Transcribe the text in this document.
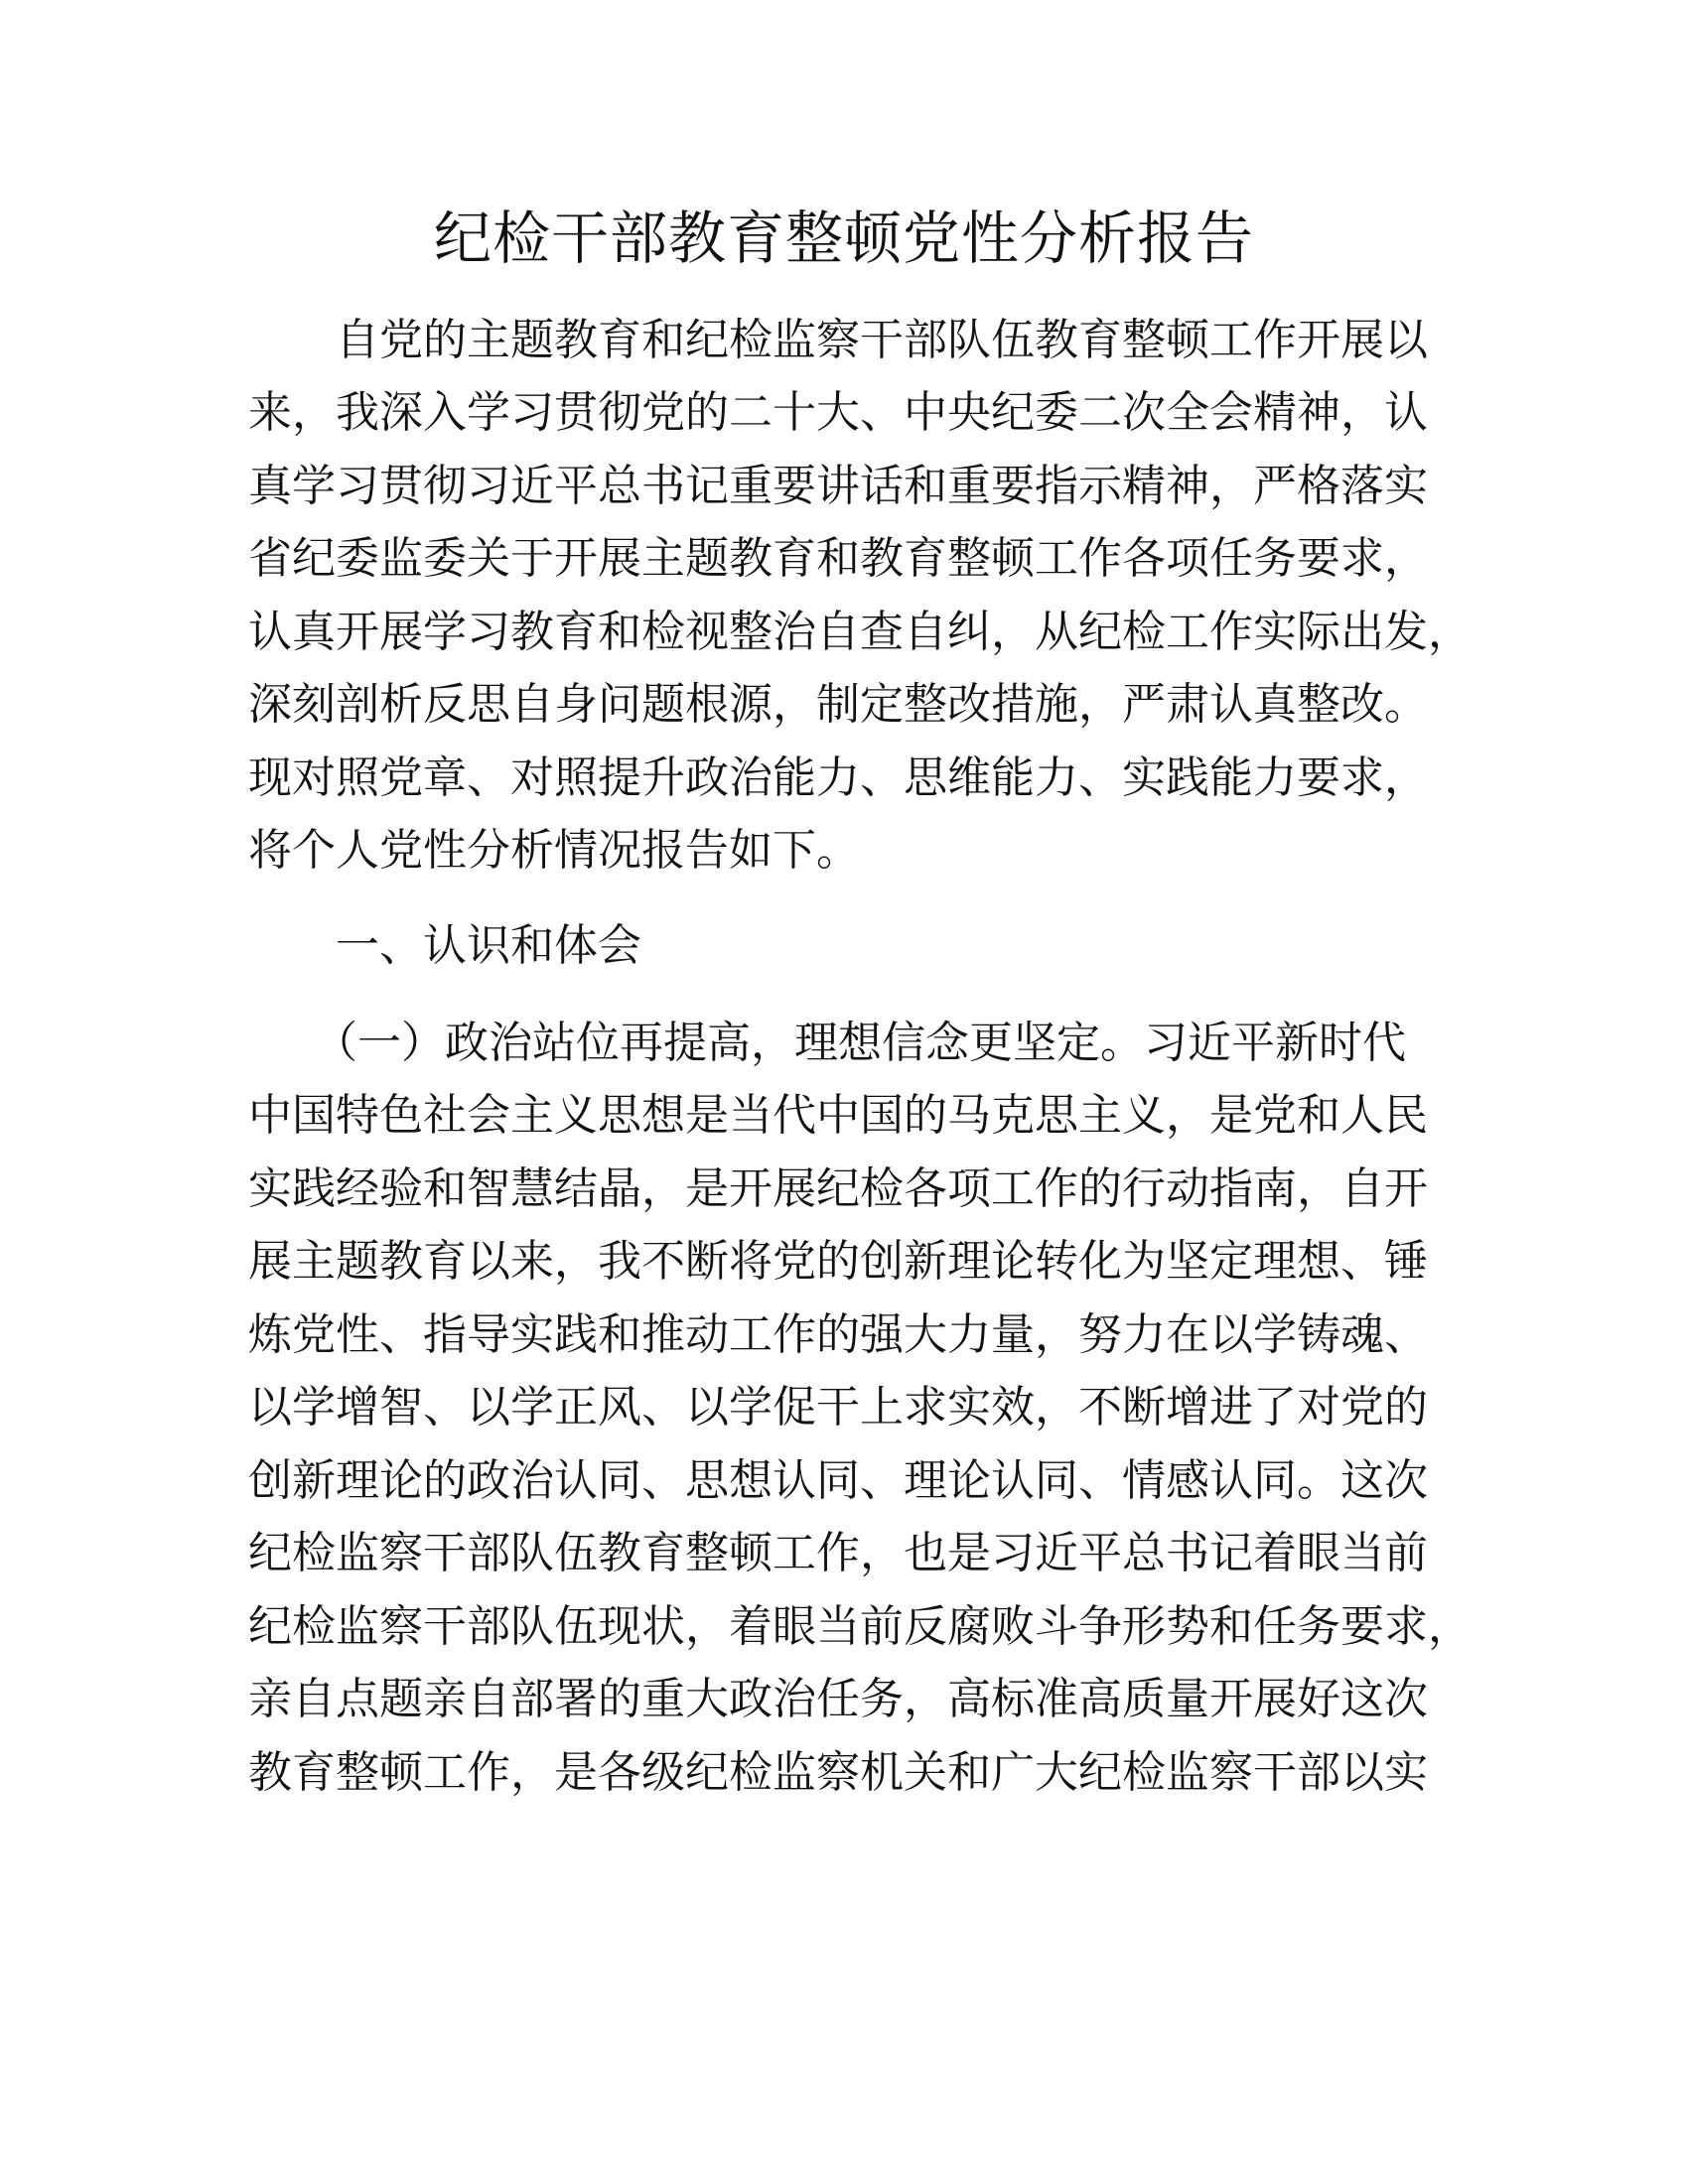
纪检干部教育整顿党性分析报告
　　自党的主题教育和纪检监察干部队伍教育整顿工作开展以
来，我深入学习贯彻党的二十大、中央纪委二次全会精神，认
真学习贯彻习近平总书记重要讲话和重要指示精神，严格落实
省纪委监委关于开展主题教育和教育整顿工作各项任务要求，
认真开展学习教育和检视整治自查自纠，从纪检工作实际出发，
深刻剖析反思自身问题根源，制定整改措施，严肃认真整改。
现对照党章、对照提升政治能力、思维能力、实践能力要求，
将个人党性分析情况报告如下。
　　一、认识和体会
　　（一）政治站位再提高，理想信念更坚定。习近平新时代
中国特色社会主义思想是当代中国的马克思主义，是党和人民
实践经验和智慧结晶，是开展纪检各项工作的行动指南，自开
展主题教育以来，我不断将党的创新理论转化为坚定理想、锤
炼党性、指导实践和推动工作的强大力量，努力在以学铸魂、
以学增智、以学正风、以学促干上求实效，不断增进了对党的
创新理论的政治认同、思想认同、理论认同、情感认同。这次
纪检监察干部队伍教育整顿工作，也是习近平总书记着眼当前
纪检监察干部队伍现状，着眼当前反腐败斗争形势和任务要求，
亲自点题亲自部署的重大政治任务，高标准高质量开展好这次
教育整顿工作，是各级纪检监察机关和广大纪检监察干部以实
